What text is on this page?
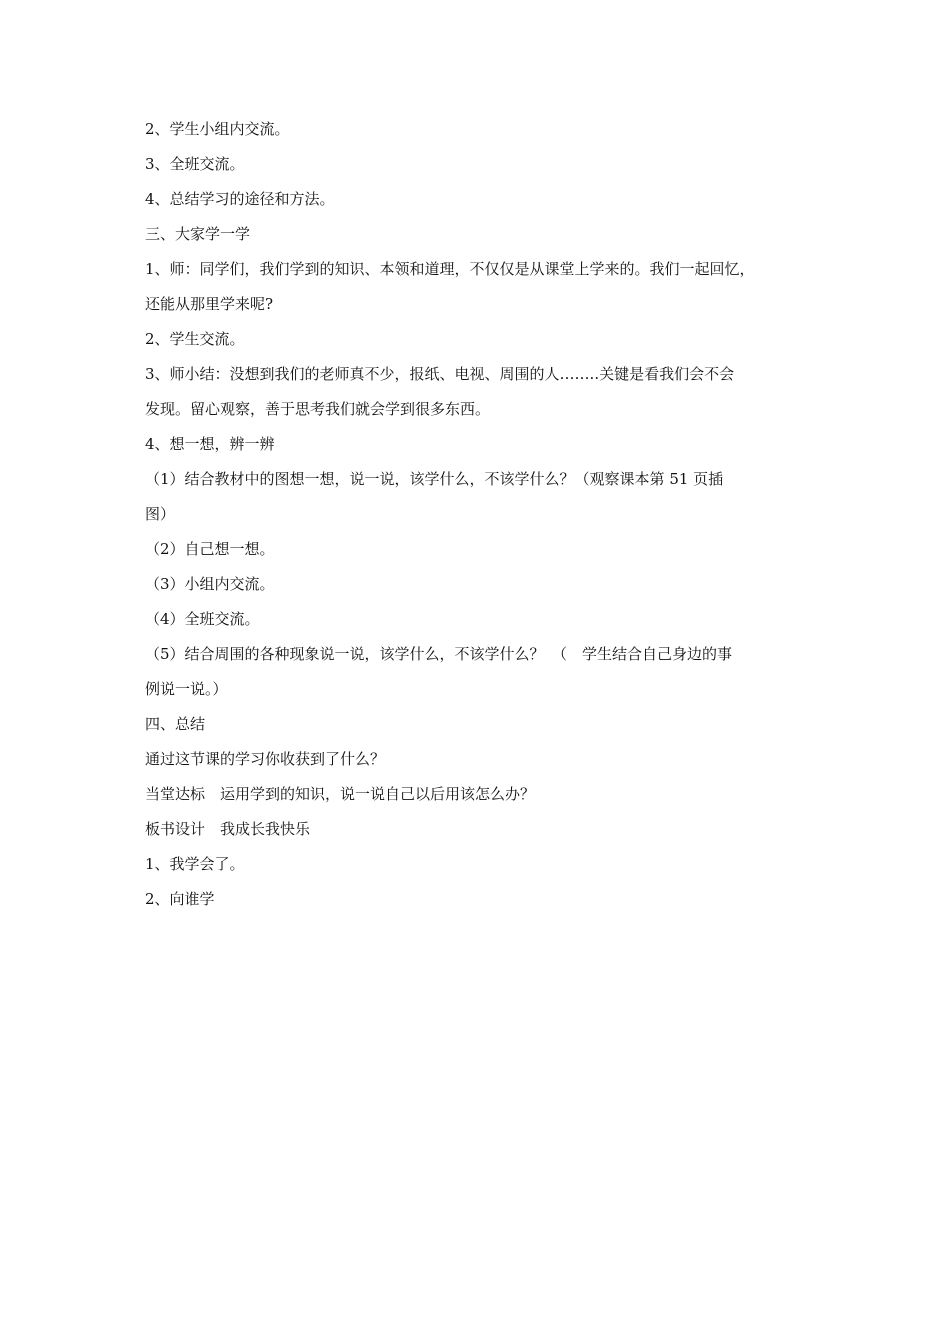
2、学生小组内交流。
3、全班交流。
4、总结学习的途径和方法。
三、大家学一学
1、师：同学们，我们学到的知识、本领和道理，不仅仅是从课堂上学来的。我们一起回忆，
还能从那里学来呢?
2、学生交流。
3、师小结：没想到我们的老师真不少，报纸、电视、周围的人……..关键是看我们会不会
发现。留心观察，善于思考我们就会学到很多东西。
4、想一想，辨一辨
（1）结合教材中的图想一想，说一说，该学什么，不该学什么？（观察课本第 51 页插
图）
（2）自己想一想。
（3）小组内交流。
（4）全班交流。
（5）结合周围的各种现象说一说，该学什么，不该学什么？　（　学生结合自己身边的事
例说一说。）
四、总结
通过这节课的学习你收获到了什么？
当堂达标　运用学到的知识，说一说自己以后用该怎么办？
板书设计　我成长我快乐
1、我学会了。
2、向谁学
